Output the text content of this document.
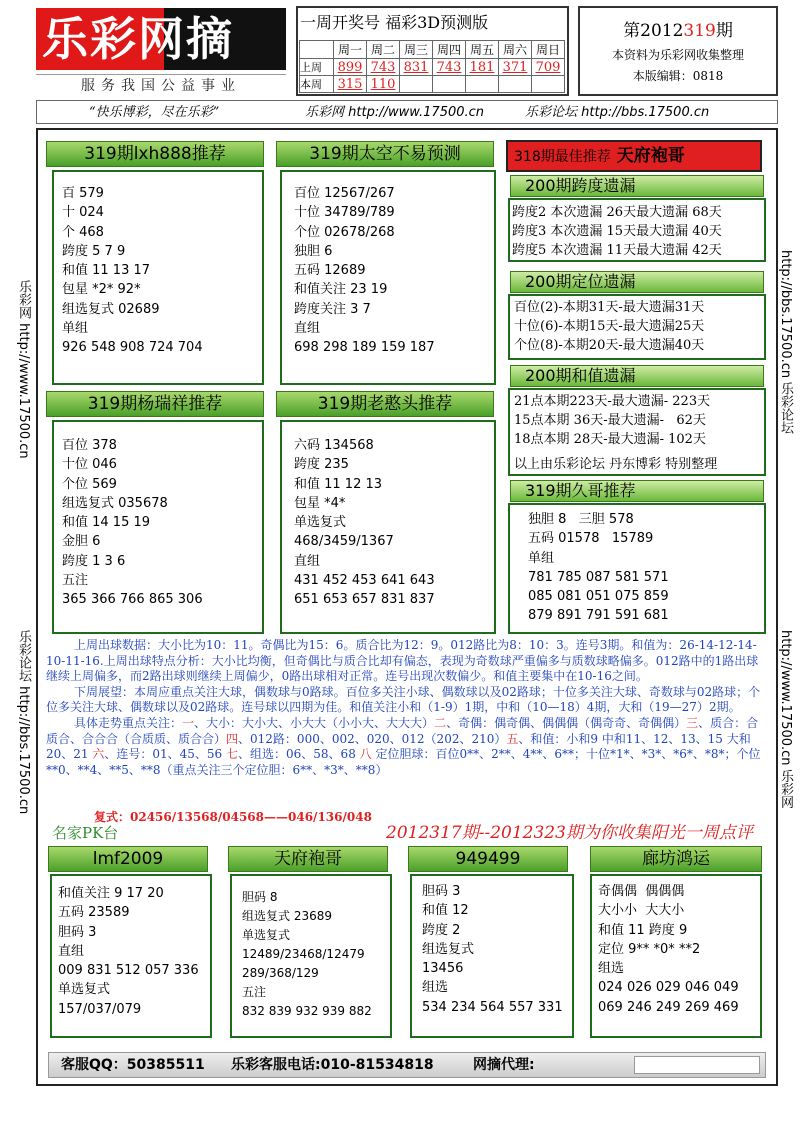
乐彩网摘
服务我国公益事业
一周开奖号 福彩3D预测版
	周一	周二	周三	周四	周五	周六	周日
上周	899	743	831	743	181	371	709
本周	315	110					
第2012319期
本资料为乐彩网收集整理
本版编辑：0818
“快乐博彩，尽在乐彩”	乐彩网 http://www.17500.cn	乐彩论坛 http://bbs.17500.cn
乐彩网 http://www.17500.cn
乐彩论坛 http://bbs.17500.cn
http://bbs.17500.cn 乐彩论坛
http://www.17500.cn 乐彩网
319期lxh888推荐
百 579
十 024
个 468
跨度 5 7 9
和值 11 13 17
包星 *2* 92*
组选复式 02689
单组
926 548 908 724 704
319期太空不易预测
百位 12567/267
十位 34789/789
个位 02678/268
独胆 6
五码 12689
和值关注 23 19
跨度关注 3 7
直组
698 298 189 159 187
319期杨瑞祥推荐
百位 378
十位 046
个位 569
组选复式 035678
和值 14 15 19
金胆 6
跨度 1 3 6
五注
365 366 766 865 306
319期老憨头推荐
六码 134568
跨度 235
和值 11 12 13
包星 *4*
单选复式
468/3459/1367
直组
431 452 453 641 643
651 653 657 831 837
318期最佳推荐 天府袍哥
200期跨度遗漏
跨度2 本次遗漏 26天最大遗漏 68天
跨度3 本次遗漏 15天最大遗漏 40天
跨度5 本次遗漏 11天最大遗漏 42天
200期定位遗漏
百位(2)-本期31天-最大遗漏31天
十位(6)-本期15天-最大遗漏25天
个位(8)-本期20天-最大遗漏40天
200期和值遗漏
21点本期223天-最大遗漏- 223天
15点本期 36天-最大遗漏-   62天
18点本期 28天-最大遗漏- 102天
以上由乐彩论坛 丹东博彩 特别整理
319期久哥推荐
独胆 8   三胆 578
五码 01578   15789
单组
781 785 087 581 571
085 081 051 075 859
879 891 791 591 681

上周出球数据：大小比为10：11。奇偶比为15：6。质合比为12：9。012路比为8：10：3。连号3期。和值为：26-14-12-14-10-11-16.上周出球特点分析：大小比均衡，但奇偶比与质合比却有偏态，表现为奇数球严重偏多与质数球略偏多。012路中的1路出球继续上周偏多，而2路出球则继续上周偏少，0路出球相对正常。连号出现次数偏少。和值主要集中在10-16之间。

下周展望：本周应重点关注大球，偶数球与0路球。百位多关注小球、偶数球以及02路球；十位多关注大球、奇数球与02路球；个位多关注大球、偶数球以及02路球。连号球以四期为佳。和值关注小和（1-9）1期，中和（10—18）4期，大和（19—27）2期。

具体走势重点关注：一、大小：大小大、小大大（小小大、大大大）二、奇偶：偶奇偶、偶偶偶（偶奇奇、奇偶偶）三、质合：合质合、合合合（合质质、质合合）四、012路：000、002、020、012（202、210）五、和值：小和9 中和11、12、13、15 大和20、21 六、连号：01、45、56 七、组选：06、58、68 八 定位胆球：百位0**、2**、4**、6**；十位*1*、*3*、*6*、*8*；个位**0、**4、**5、**8（重点关注三个定位胆：6**、*3*、**8）

复式：02456/13568/04568——046/136/048
名家PK台	2012317期--2012323期为你收集阳光一周点评
lmf2009
和值关注 9 17 20
五码 23589
胆码 3
直组
009 831 512 057 336
单选复式
157/037/079
天府袍哥
胆码 8
组选复式 23689
单选复式
12489/23468/12479
289/368/129
五注
832 839 932 939 882
949499
胆码 3
和值 12
跨度 2
组选复式
13456
组选
534 234 564 557 331
廊坊鸿运
奇偶偶  偶偶偶
大小小  大大小
和值 11 跨度 9
定位 9** *0* **2
组选
024 026 029 046 049
069 246 249 269 469
客服QQ：50385511 乐彩客服电话:010-81534818	网摘代理:
